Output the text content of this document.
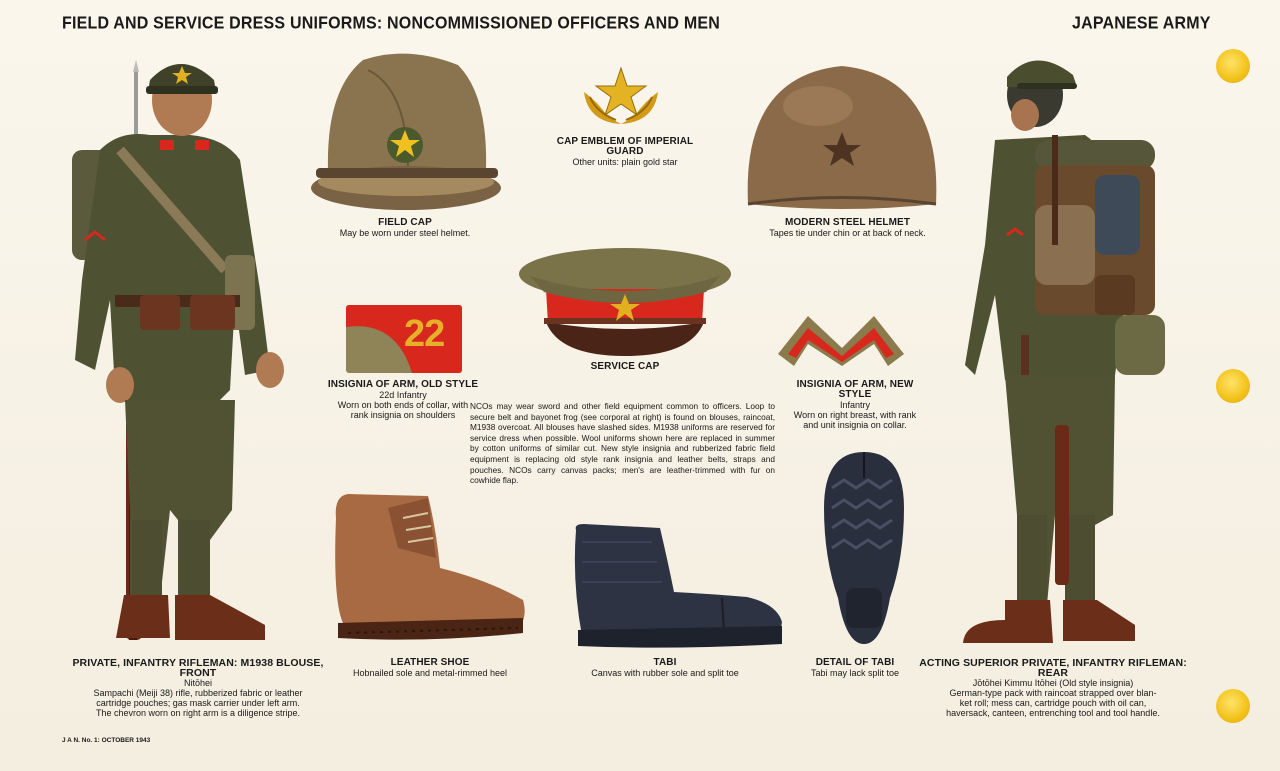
FIELD AND SERVICE DRESS UNIFORMS: NONCOMMISSIONED OFFICERS AND MEN	JAPANESE ARMY
FIELD CAP
May be worn under steel helmet.
CAP EMBLEM OF IMPERIAL GUARD
Other units: plain gold star
MODERN STEEL HELMET
Tapes tie under chin or at back of neck.
22
INSIGNIA OF ARM, OLD STYLE
22d Infantry
Worn on both ends of collar, with
rank insignia on shoulders
SERVICE CAP
INSIGNIA OF ARM, NEW STYLE
Infantry
Worn on right breast, with rank
and unit insignia on collar.
NCOs may wear sword and other field equipment common to officers. Loop to secure belt and bayonet frog (see corporal at right) is found on blouses, raincoat, M1938 overcoat. All blouses have slashed sides. M1938 uniforms are reserved for service dress when possible. Wool uniforms shown here are replaced in summer by cotton uniforms of similar cut. New style insignia and rubberized fabric field equipment is replacing old style rank insignia and leather belts, straps and pouches. NCOs carry canvas packs; men's are leather-trimmed with fur on cowhide flap.
LEATHER SHOE
Hobnailed sole and metal-rimmed heel
TABI
Canvas with rubber sole and split toe
DETAIL OF TABI
Tabi may lack split toe
PRIVATE, INFANTRY RIFLEMAN: M1938 BLOUSE, FRONT
Nitōhei
Sampachi (Meiji 38) rifle, rubberized fabric or leather
cartridge pouches; gas mask carrier under left arm.
The chevron worn on right arm is a diligence stripe.
ACTING SUPERIOR PRIVATE, INFANTRY RIFLEMAN: REAR
Jōtōhei Kimmu Itōhei (Old style insignia)
German-type pack with raincoat strapped over blan-
ket roll; mess can, cartridge pouch with oil can,
haversack, canteen, entrenching tool and tool handle.
J A N. No. 1: OCTOBER 1943
